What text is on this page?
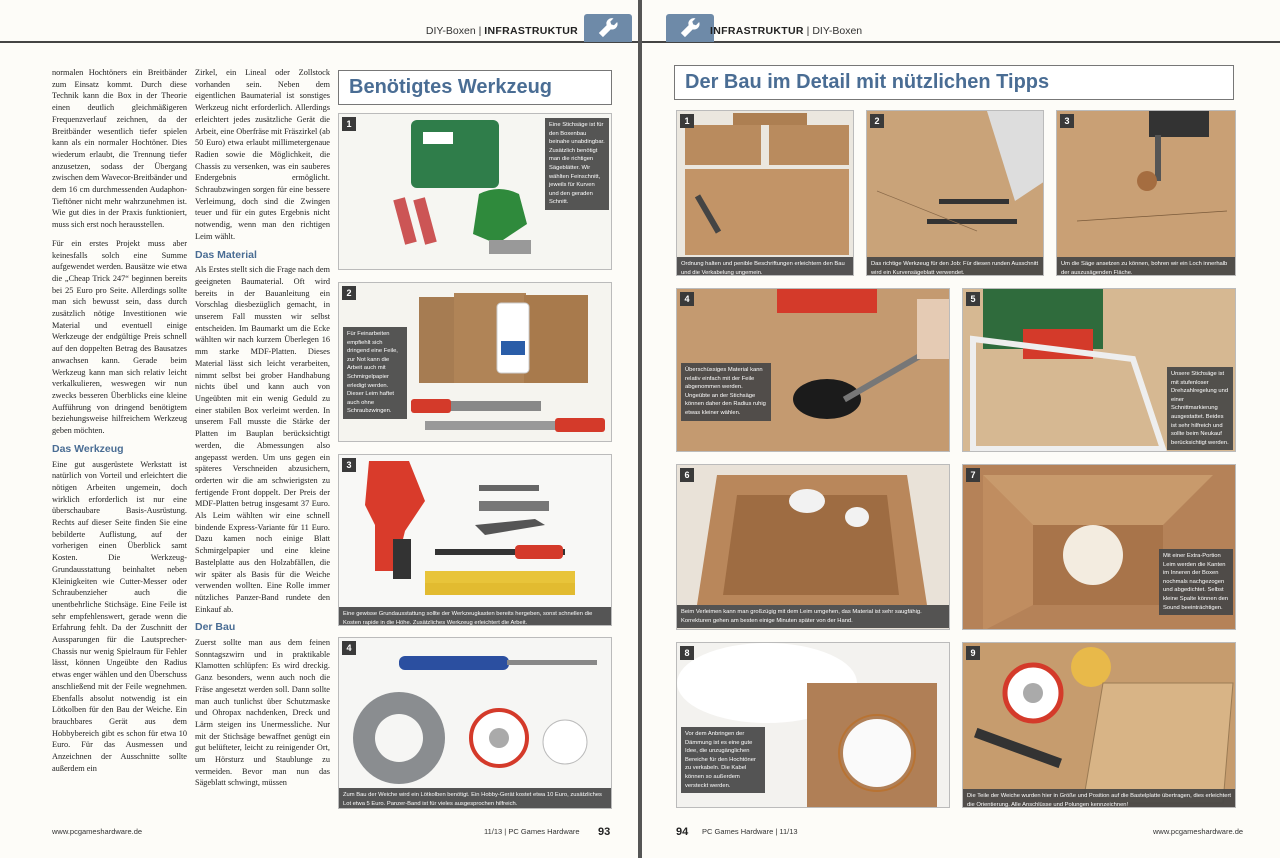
DIY-Boxen | INFRASTRUKTUR

normalen Hochtöners ein Breitbänder zum Einsatz kommt. Durch diese Technik kann die Box in der Theorie einen deutlich gleichmäßigeren Frequenzverlauf zeichnen, da der Breitbänder wesentlich tiefer spielen kann als ein normaler Hochtöner. Dies wiederum erlaubt, die Trennung tiefer anzusetzen, sodass der Übergang zwischen dem Wavecor-Breitbänder und dem 16 cm durchmessenden Audaphon-Tieftöner nicht mehr wahrzunehmen ist. Wie gut dies in der Praxis funktioniert, muss sich erst noch herausstellen.

Für ein erstes Projekt muss aber keinesfalls solch eine Summe aufgewendet werden. Bausätze wie etwa die „Cheap Trick 247“ beginnen bereits bei 25 Euro pro Seite. Allerdings sollte man sich bewusst sein, dass durch zusätzlich nötige Investitionen wie Material und eventuell einige Werkzeuge der endgültige Preis schnell auf den doppelten Betrag des Bausatzes anwachsen kann. Gerade beim Werkzeug kann man sich relativ leicht verkalkulieren, weswegen wir nun zwecks besseren Überblicks eine kleine Aufführung von dringend benötigtem beziehungsweise hilfreichem Werkzeug geben möchten.

Das Werkzeug

Eine gut ausgerüstete Werkstatt ist natürlich von Vorteil und erleichtert die nötigen Arbeiten ungemein, doch wirklich erforderlich ist nur eine überschaubare Basis-Ausrüstung. Rechts auf dieser Seite finden Sie eine bebilderte Auflistung, auf der vorherigen einen Überblick samt Kosten. Die Werkzeug-Grundausstattung beinhaltet neben Kleinigkeiten wie Cutter-Messer oder Schraubenzieher auch die unentbehrliche Stichsäge. Eine Feile ist sehr empfehlenswert, gerade wenn die Erfahrung fehlt. Da der Zuschnitt der Aussparungen für die Lautsprecher-Chassis nur wenig Spielraum für Fehler lässt, können Ungeübte den Radius etwas enger wählen und den Überschuss anschließend mit der Feile wegnehmen. Ebenfalls absolut notwendig ist ein Lötkolben für den Bau der Weiche. Ein brauchbares Gerät aus dem Hobbybereich gibt es schon für etwa 10 Euro. Für das Ausmessen und Anzeichnen der Ausschnitte sollte außerdem ein

Zirkel, ein Lineal oder Zollstock vorhanden sein. Neben dem eigentlichen Baumaterial ist sonstiges Werkzeug nicht erforderlich. Allerdings erleichtert jedes zusätzliche Gerät die Arbeit, eine Oberfräse mit Fräszirkel (ab 50 Euro) etwa erlaubt millimetergenaue Radien sowie die Möglichkeit, die Chassis zu versenken, was ein sauberes Endergebnis ermöglicht. Schraubzwingen sorgen für eine bessere Verleimung, doch sind die Zwingen teuer und für ein gutes Ergebnis nicht notwendig, wenn man den richtigen Leim wählt.

Das Material

Als Erstes stellt sich die Frage nach dem geeigneten Baumaterial. Oft wird bereits in der Bauanleitung ein Vorschlag diesbezüglich gemacht, in unserem Fall mussten wir selbst entscheiden. Im Baumarkt um die Ecke wählten wir nach kurzem Überlegen 16 mm starke MDF-Platten. Dieses Material lässt sich leicht verarbeiten, nimmt selbst bei grober Handhabung nichts übel und kann auch von Ungeübten mit ein wenig Geduld zu einer stabilen Box verleimt werden. In unserem Fall musste die Stärke der Platten im Bauplan berücksichtigt werden, die Abmessungen also angepasst werden. Um uns gegen ein späteres Verschneiden abzusichern, orderten wir die am schwierigsten zu fertigende Front doppelt. Der Preis der MDF-Platten betrug insgesamt 37 Euro. Als Leim wählten wir eine schnell bindende Express-Variante für 11 Euro. Dazu kamen noch einige Blatt Schmirgelpapier und eine kleine Bastelplatte aus den Holzabfällen, die wir später als Basis für die Weiche verwenden wollten. Eine Rolle immer nützliches Panzer-Band rundete den Einkauf ab.

Der Bau

Zuerst sollte man aus dem feinen Sonntagszwirn und in praktikable Klamotten schlüpfen: Es wird dreckig. Ganz besonders, wenn auch noch die Fräse angesetzt werden soll. Dann sollte man auch tunlichst über Schutzmaske und Ohropax nachdenken, Dreck und Lärm steigen ins Unermessliche. Nur mit der Stichsäge bewaffnet genügt ein gut belüfteter, leicht zu reinigender Ort, um Hörsturz und Staublunge zu vermeiden. Bevor man nun das Sägeblatt schwingt, müssen

Benötigtes Werkzeug
1	Eine Stichsäge ist für den Boxenbau beinahe unabdingbar. Zusätzlich benötigt man die richtigen Sägeblätter. Wir wählten Feinschnitt, jeweils für Kurven und den geraden Schnitt.
2
Für Feinarbeiten empfiehlt sich dringend eine Feile, zur Not kann die Arbeit auch mit Schmirgelpapier erledigt werden. Dieser Leim haftet auch ohne Schraubzwingen.
3
Eine gewisse Grundausstattung sollte der Werkzeugkasten bereits hergeben, sonst schnellen die Kosten rapide in die Höhe. Zusätzliches Werkzeug erleichtert die Arbeit.
4
Zum Bau der Weiche wird ein Lötkolben benötigt. Ein Hobby-Gerät kostet etwa 10 Euro, zusätzliches Lot etwa 5 Euro. Panzer-Band ist für vieles ausgesprochen hilfreich.
www.pcgameshardware.de	11/13 | PC Games Hardware 93
INFRASTRUKTUR | DIY-Boxen
Der Bau im Detail mit nützlichen Tipps
1
Ordnung halten und penible Beschriftungen erleichtern den Bau und die Verkabelung ungemein.
2
Das richtige Werkzeug für den Job: Für diesen runden Ausschnitt wird ein Kurvensägeblatt verwendet.
3
Um die Säge ansetzen zu können, bohren wir ein Loch innerhalb der auszusägenden Fläche.
4
Überschüssiges Material kann relativ einfach mit der Feile abgenommen werden. Ungeübte an der Stichsäge können daher den Radius ruhig etwas kleiner wählen.
5
Unsere Stichsäge ist mit stufenloser Drehzahlregelung und einer Schnittmarkierung ausgestattet. Beides ist sehr hilfreich und sollte beim Neukauf berücksichtigt werden.
6
Beim Verleimen kann man großzügig mit dem Leim umgehen, das Material ist sehr saugfähig. Korrekturen gehen am besten einige Minuten später von der Hand.
7
Mit einer Extra-Portion Leim werden die Kanten im Inneren der Boxen nochmals nachgezogen und abgedichtet. Selbst kleine Spalte können den Sound beeinträchtigen.
8
Vor dem Anbringen der Dämmung ist es eine gute Idee, die unzugänglichen Bereiche für den Hochtöner zu verkabeln. Die Kabel können so außerdem versteckt werden.
9
Die Teile der Weiche wurden hier in Größe und Position auf die Bastelplatte übertragen, dies erleichtert die Orientierung. Alle Anschlüsse und Polungen kennzeichnen!
94 PC Games Hardware | 11/13	www.pcgameshardware.de
